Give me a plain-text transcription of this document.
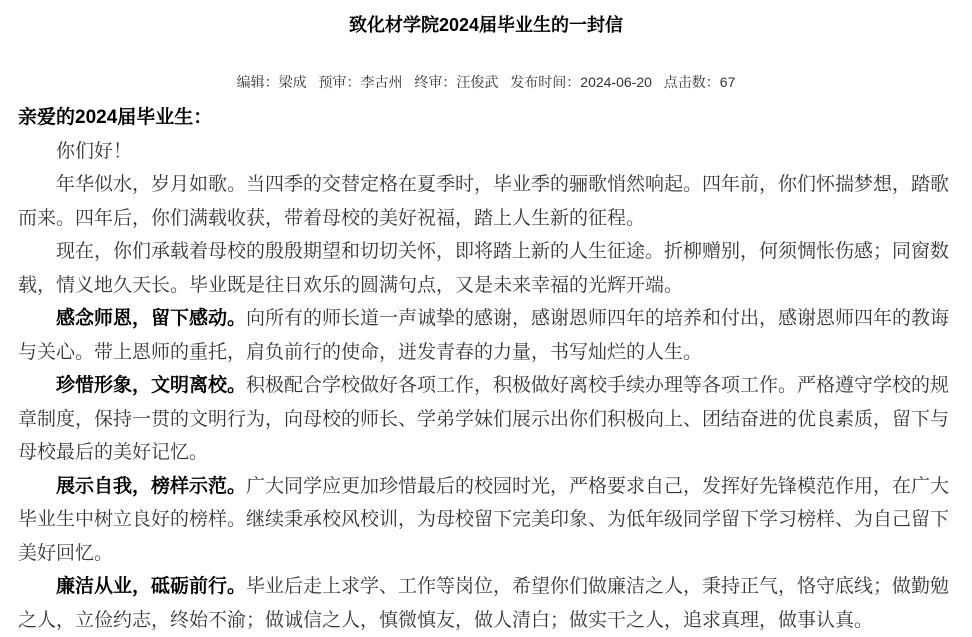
致化材学院2024届毕业生的一封信
编辑：梁成 预审：李古州 终审：汪俊武 发布时间：2024-06-20 点击数：67

亲爱的2024届毕业生：

你们好！

年华似水，岁月如歌。当四季的交替定格在夏季时，毕业季的骊歌悄然响起。四年前，你们怀揣梦想，踏歌而来。四年后，你们满载收获，带着母校的美好祝福，踏上人生新的征程。

现在，你们承载着母校的殷殷期望和切切关怀，即将踏上新的人生征途。折柳赠别，何须惆怅伤感；同窗数载，情义地久天长。毕业既是往日欢乐的圆满句点，又是未来幸福的光辉开端。

感念师恩，留下感动。向所有的师长道一声诚挚的感谢，感谢恩师四年的培养和付出，感谢恩师四年的教诲与关心。带上恩师的重托，肩负前行的使命，迸发青春的力量，书写灿烂的人生。

珍惜形象，文明离校。积极配合学校做好各项工作，积极做好离校手续办理等各项工作。严格遵守学校的规章制度，保持一贯的文明行为，向母校的师长、学弟学妹们展示出你们积极向上、团结奋进的优良素质，留下与母校最后的美好记忆。

展示自我，榜样示范。广大同学应更加珍惜最后的校园时光，严格要求自己，发挥好先锋模范作用，在广大毕业生中树立良好的榜样。继续秉承校风校训，为母校留下完美印象、为低年级同学留下学习榜样、为自己留下美好回忆。

廉洁从业，砥砺前行。毕业后走上求学、工作等岗位，希望你们做廉洁之人，秉持正气，恪守底线；做勤勉之人，立俭约志，终始不渝；做诚信之人，慎微慎友，做人清白；做实干之人，追求真理，做事认真。
